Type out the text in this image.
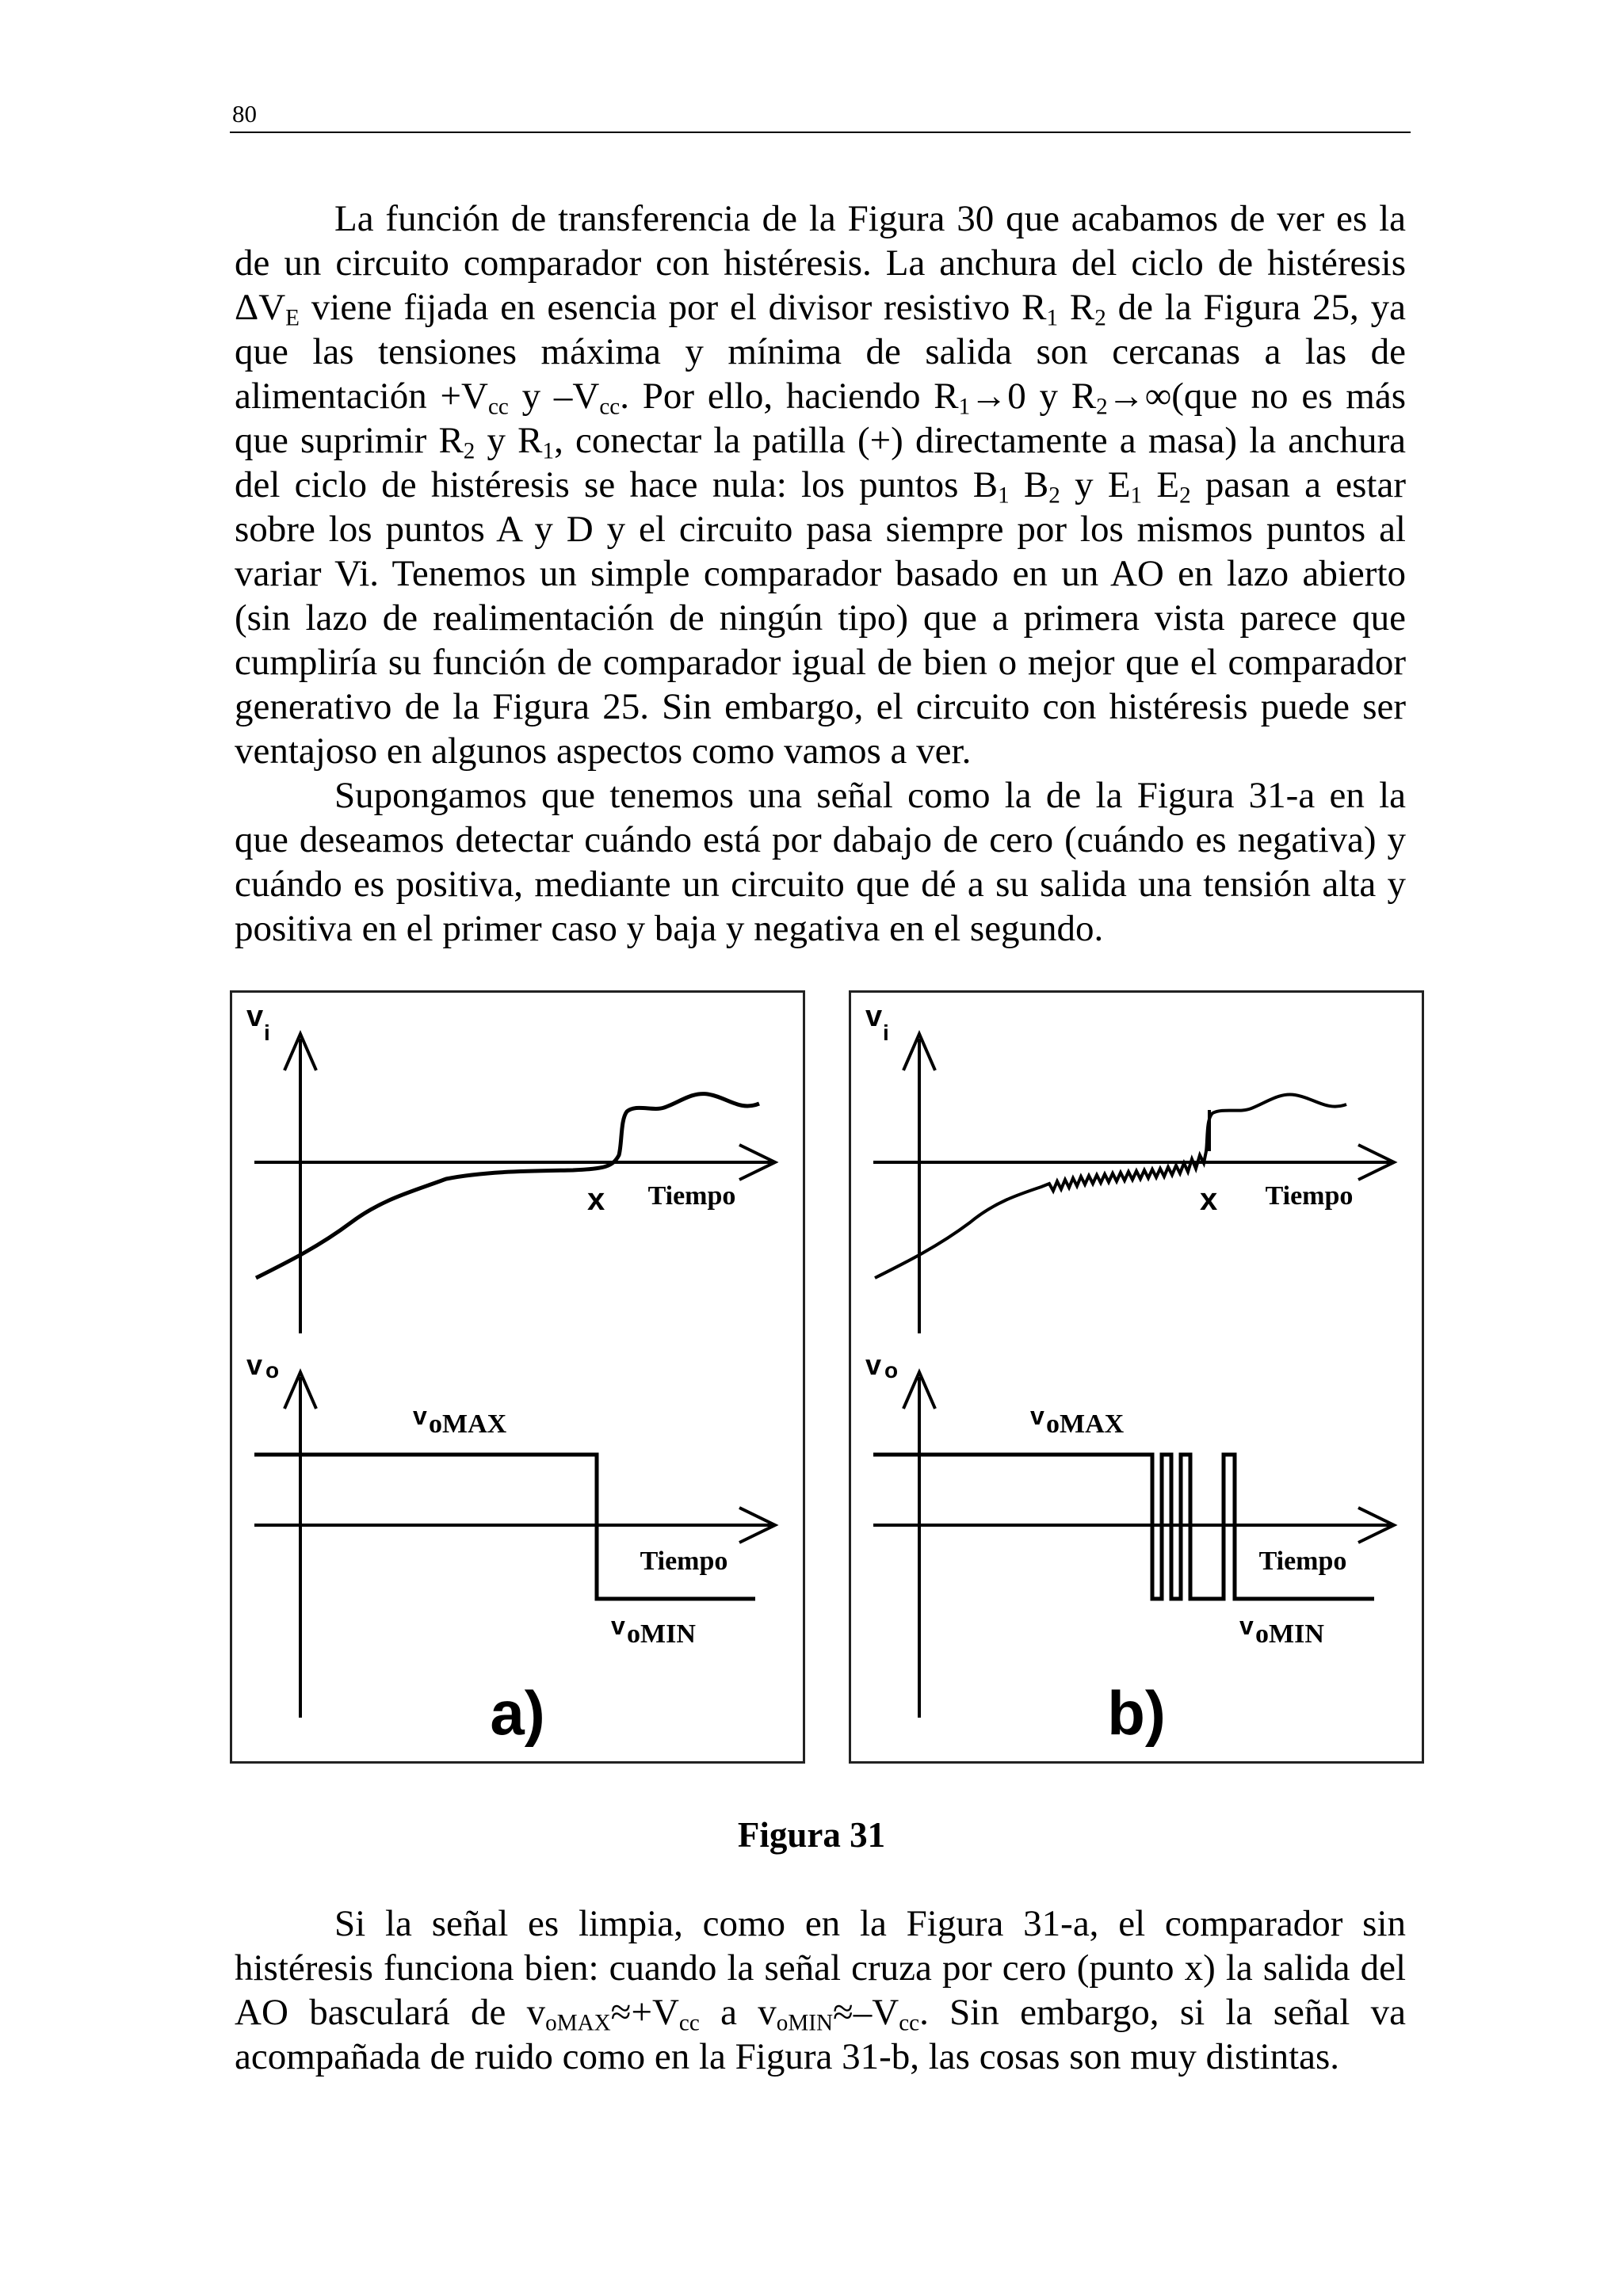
80

La función de transferencia de la Figura 30 que acabamos de ver es la de un circuito comparador con histéresis. La anchura del ciclo de histéresis $\Delta V_E$ viene fijada en esencia por el divisor resistivo $R_1$ $R_2$ de la Figura 25, ya que las tensiones máxima y mínima de salida son cercanas a las de alimentación $+V_{cc}$ y $-V_{cc}$. Por ello, haciendo $R_1\to 0$ y $R_2\to\infty(que$ no es más que suprimir $R_2$ y $R_1$, conectar la patilla (+) directamente a masa) la anchura del ciclo de histéresis se hace nula: los puntos $B_1$ $B_2$ y $E_1$ $E_2$ pasan a estar sobre los puntos A y D y el circuito pasa siempre por los mismos puntos al variar Vi. Tenemos un simple comparador basado en un AO en lazo abierto (sin lazo de realimentación de ningún tipo) que a primera vista parece que cumpliría su función de comparador igual de bien o mejor que el comparador generativo de la Figura 25. Sin embargo, el circuito con histéresis puede ser ventajoso en algunos aspectos como vamos a ver.

Supongamos que tenemos una señal como la de la Figura 31-a en la que deseamos detectar cuándo está por dabajo de cero (cuándo es negativa) y cuándo es positiva, mediante un circuito que dé a su salida una tensión alta y positiva en el primer caso y baja y negativa en el segundo.

v i
x Tiempo
v o
v oMAX
Tiempo
v oMIN
a)
v i
x Tiempo
v o
v oMAX
Tiempo
v oMIN
b)
Figura 31

Si la señal es limpia, como en la Figura 31-a, el comparador sin histéresis funciona bien: cuando la señal cruza por cero (punto x) la salida del AO basculará de $v_{oMAX}\approx+V_{cc}$ a $v_{oMIN}\approx-V_{cc}$. Sin embargo, si la señal va acompañada de ruido como en la Figura 31-b, las cosas son muy distintas.
